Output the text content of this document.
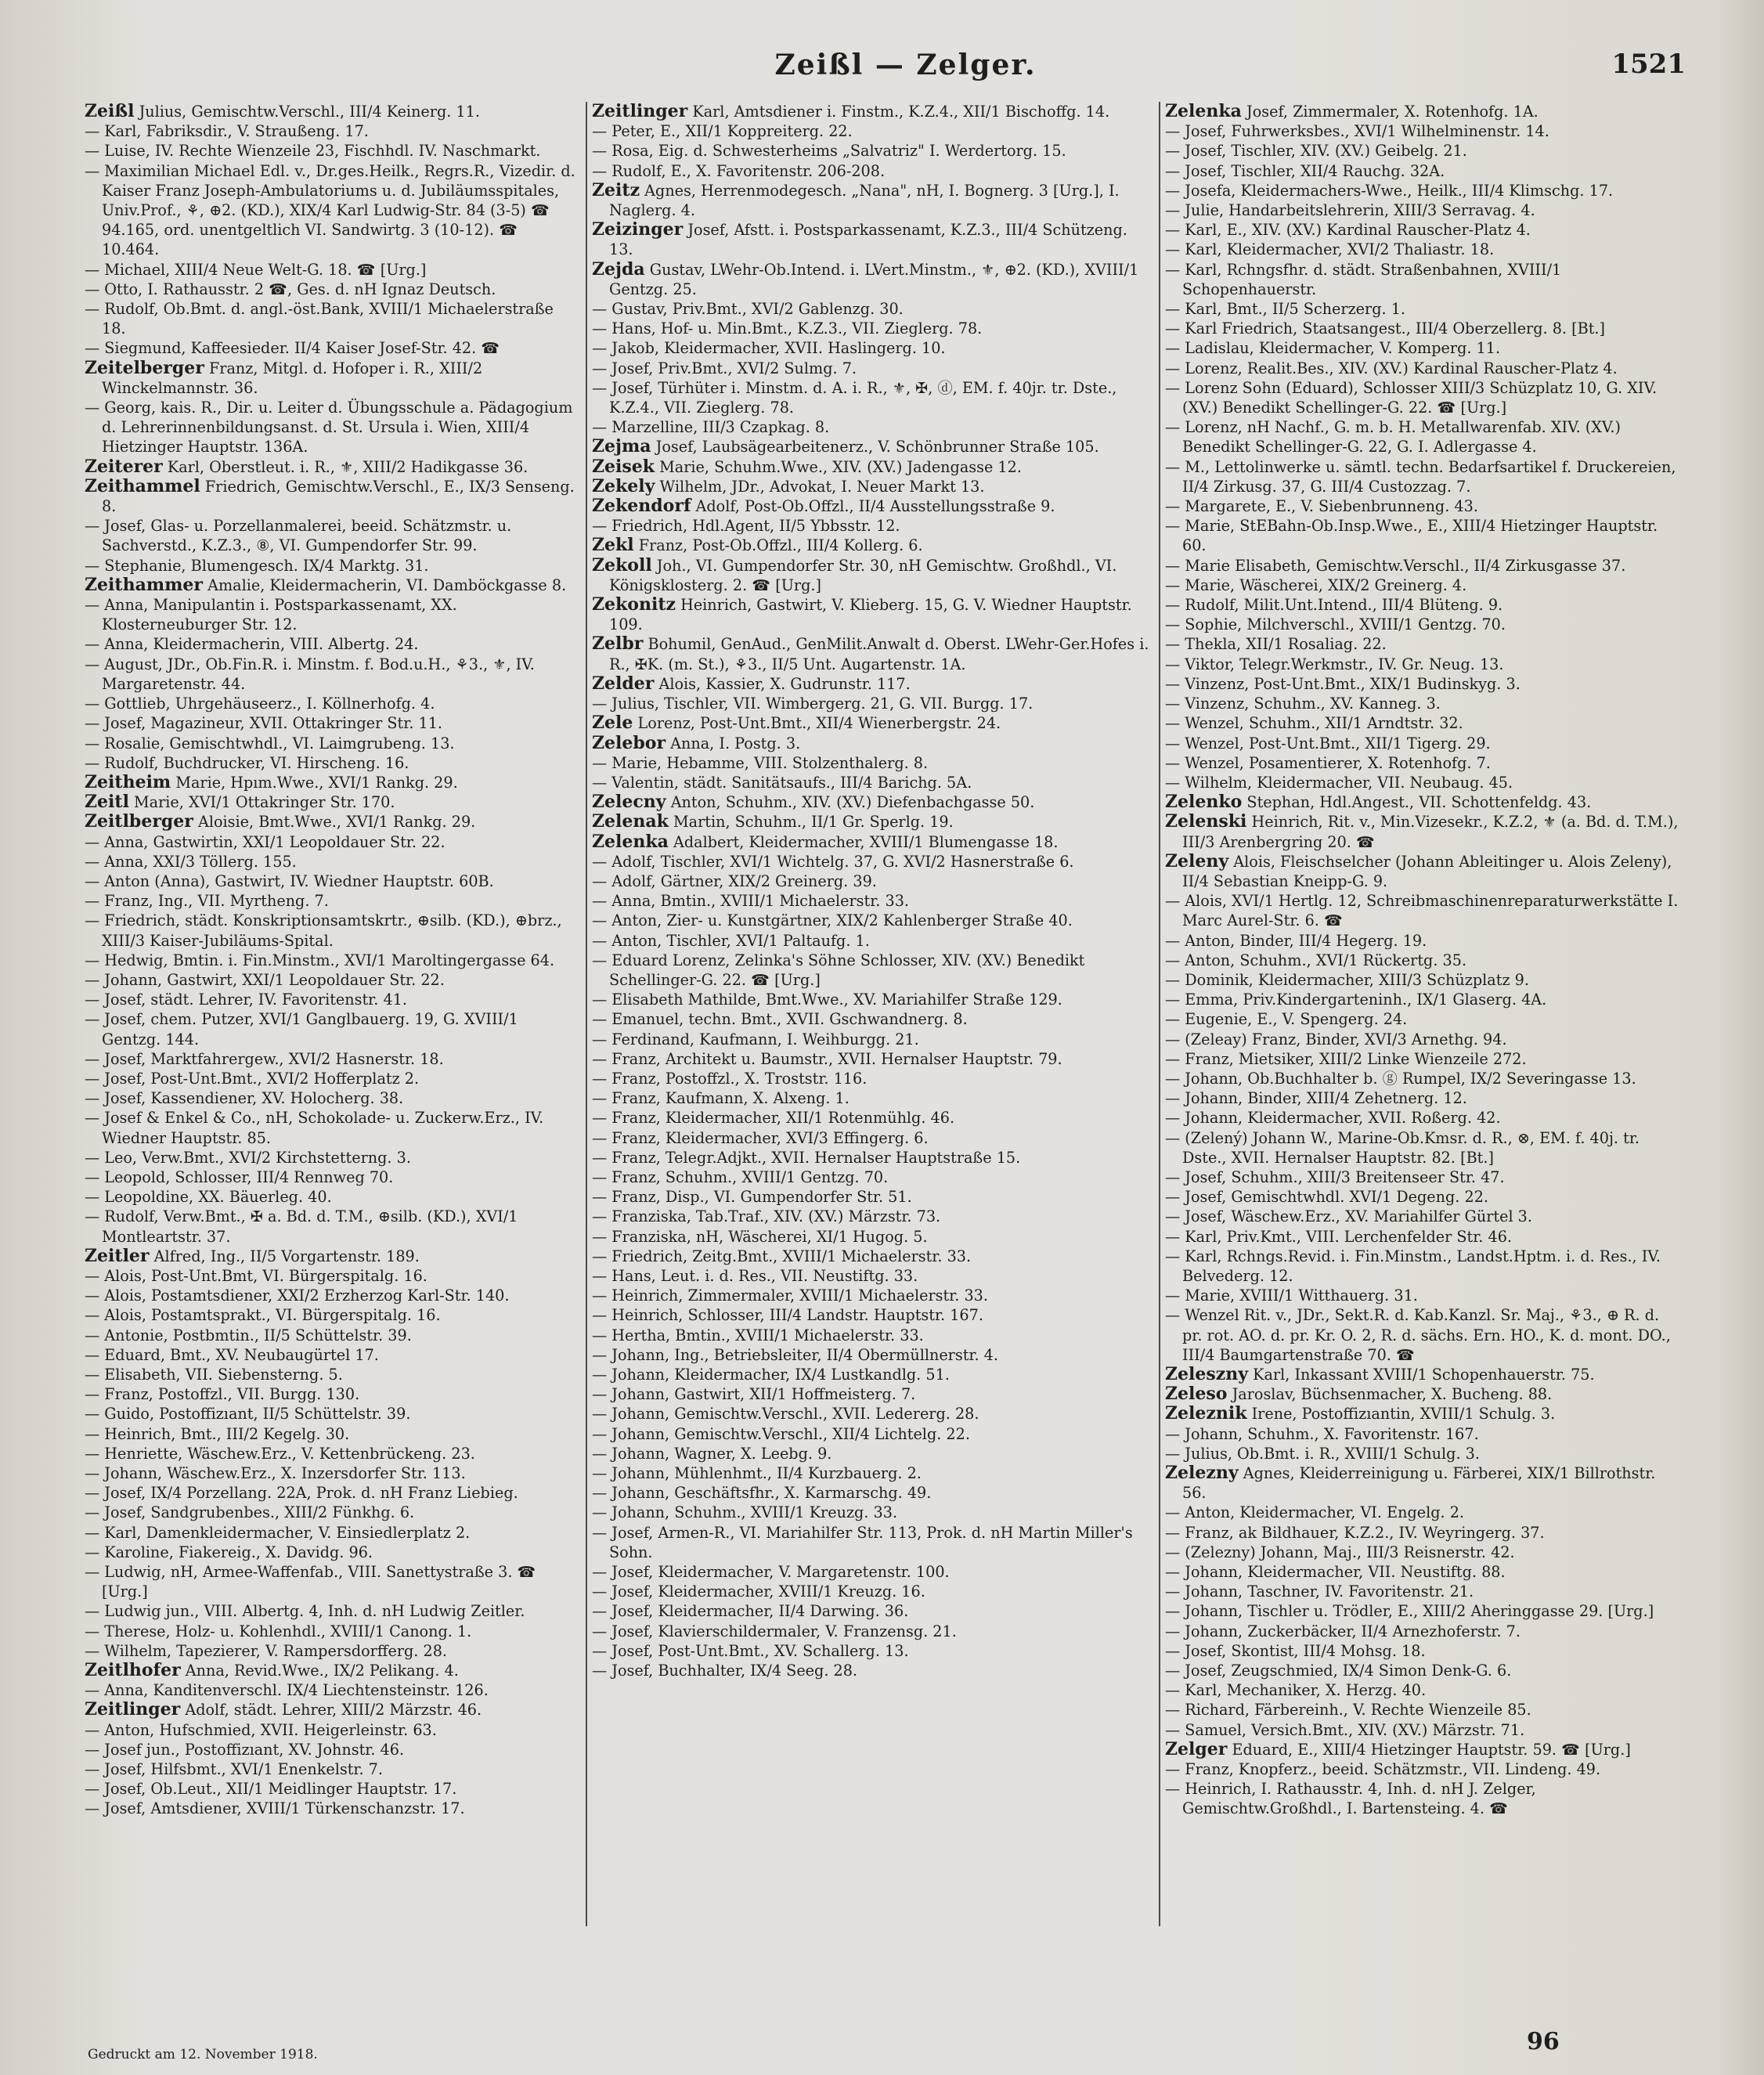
Zeißl — Zelger.	1521

Zeißl Julius, Gemischtw.Verschl., III/4 Keinerg. 11.

— Karl, Fabriksdir., V. Straußeng. 17.

— Luise, IV. Rechte Wienzeile 23, Fischhdl. IV. Naschmarkt.

— Maximilian Michael Edl. v., Dr.ges.Heilk., Regrs.R., Vizedir. d. Kaiser Franz Joseph-Ambulatoriums u. d. Jubiläumsspitales, Univ.Prof., ⚘, ⊕2. (KD.), XIX/4 Karl Ludwig-Str. 84 (3-5) ☎ 94.165, ord. unentgeltlich VI. Sandwirtg. 3 (10-12). ☎ 10.464.

— Michael, XIII/4 Neue Welt-G. 18. ☎ [Urg.]

— Otto, I. Rathausstr. 2 ☎, Ges. d. nH Ignaz Deutsch.

— Rudolf, Ob.Bmt. d. angl.-öst.Bank, XVIII/1 Michaelerstraße 18.

— Siegmund, Kaffeesieder. II/4 Kaiser Josef-Str. 42. ☎

Zeitelberger Franz, Mitgl. d. Hofoper i. R., XIII/2 Winckelmannstr. 36.

— Georg, kais. R., Dir. u. Leiter d. Übungsschule a. Pädagogium d. Lehrerinnenbildungsanst. d. St. Ursula i. Wien, XIII/4 Hietzinger Hauptstr. 136A.

Zeiterer Karl, Oberstleut. i. R., ⚜, XIII/2 Hadikgasse 36.

Zeithammel Friedrich, Gemischtw.Verschl., E., IX/3 Senseng. 8.

— Josef, Glas- u. Porzellanmalerei, beeid. Schätzmstr. u. Sachverstd., K.Z.3., ⑧, VI. Gumpendorfer Str. 99.

— Stephanie, Blumengesch. IX/4 Marktg. 31.

Zeithammer Amalie, Kleidermacherin, VI. Damböckgasse 8.

— Anna, Manipulantin i. Postsparkassenamt, XX. Klosterneuburger Str. 12.

— Anna, Kleidermacherin, VIII. Albertg. 24.

— August, JDr., Ob.Fin.R. i. Minstm. f. Bod.u.H., ⚘3., ⚜, IV. Margaretenstr. 44.

— Gottlieb, Uhrgehäuseerz., I. Köllnerhofg. 4.

— Josef, Magazineur, XVII. Ottakringer Str. 11.

— Rosalie, Gemischtwhdl., VI. Laimgrubeng. 13.

— Rudolf, Buchdrucker, VI. Hirscheng. 16.

Zeitheim Marie, Hpım.Wwe., XVI/1 Rankg. 29.

Zeitl Marie, XVI/1 Ottakringer Str. 170.

Zeitlberger Aloisie, Bmt.Wwe., XVI/1 Rankg. 29.

— Anna, Gastwirtin, XXI/1 Leopoldauer Str. 22.

— Anna, XXI/3 Töllerg. 155.

— Anton (Anna), Gastwirt, IV. Wiedner Hauptstr. 60B.

— Franz, Ing., VII. Myrtheng. 7.

— Friedrich, städt. Konskriptionsamtskrtr., ⊕silb. (KD.), ⊕brz., XIII/3 Kaiser-Jubiläums-Spital.

— Hedwig, Bmtin. i. Fin.Minstm., XVI/1 Maroltingergasse 64.

— Johann, Gastwirt, XXI/1 Leopoldauer Str. 22.

— Josef, städt. Lehrer, IV. Favoritenstr. 41.

— Josef, chem. Putzer, XVI/1 Ganglbauerg. 19, G. XVIII/1 Gentzg. 144.

— Josef, Marktfahrergew., XVI/2 Hasnerstr. 18.

— Josef, Post-Unt.Bmt., XVI/2 Hofferplatz 2.

— Josef, Kassendiener, XV. Holocherg. 38.

— Josef & Enkel & Co., nH, Schokolade- u. Zuckerw.Erz., IV. Wiedner Hauptstr. 85.

— Leo, Verw.Bmt., XVI/2 Kirchstetterng. 3.

— Leopold, Schlosser, III/4 Rennweg 70.

— Leopoldine, XX. Bäuerleg. 40.

— Rudolf, Verw.Bmt., ✠ a. Bd. d. T.M., ⊕silb. (KD.), XVI/1 Montleartstr. 37.

Zeitler Alfred, Ing., II/5 Vorgartenstr. 189.

— Alois, Post-Unt.Bmt, VI. Bürgerspitalg. 16.

— Alois, Postamtsdiener, XXI/2 Erzherzog Karl-Str. 140.

— Alois, Postamtsprakt., VI. Bürgerspitalg. 16.

— Antonie, Postbmtin., II/5 Schüttelstr. 39.

— Eduard, Bmt., XV. Neubaugürtel 17.

— Elisabeth, VII. Siebensterng. 5.

— Franz, Postoffzl., VII. Burgg. 130.

— Guido, Postoffizıant, II/5 Schüttelstr. 39.

— Heinrich, Bmt., III/2 Kegelg. 30.

— Henriette, Wäschew.Erz., V. Kettenbrückeng. 23.

— Johann, Wäschew.Erz., X. Inzersdorfer Str. 113.

— Josef, IX/4 Porzellang. 22A, Prok. d. nH Franz Liebieg.

— Josef, Sandgrubenbes., XIII/2 Fünkhg. 6.

— Karl, Damenkleidermacher, V. Einsiedlerplatz 2.

— Karoline, Fiakereig., X. Davidg. 96.

— Ludwig, nH, Armee-Waffenfab., VIII. Sanettystraße 3. ☎ [Urg.]

— Ludwig jun., VIII. Albertg. 4, Inh. d. nH Ludwig Zeitler.

— Therese, Holz- u. Kohlenhdl., XVIII/1 Canong. 1.

— Wilhelm, Tapezierer, V. Rampersdorfferg. 28.

Zeitlhofer Anna, Revid.Wwe., IX/2 Pelikang. 4.

— Anna, Kanditenverschl. IX/4 Liechtensteinstr. 126.

Zeitlinger Adolf, städt. Lehrer, XIII/2 Märzstr. 46.

— Anton, Hufschmied, XVII. Heigerleinstr. 63.

— Josef jun., Postoffizıant, XV. Johnstr. 46.

— Josef, Hilfsbmt., XVI/1 Enenkelstr. 7.

— Josef, Ob.Leut., XII/1 Meidlinger Hauptstr. 17.

— Josef, Amtsdiener, XVIII/1 Türkenschanzstr. 17.

Zeitlinger Karl, Amtsdiener i. Finstm., K.Z.4., XII/1 Bischoffg. 14.

— Peter, E., XII/1 Koppreiterg. 22.

— Rosa, Eig. d. Schwesterheims „Salvatriz" I. Werdertorg. 15.

— Rudolf, E., X. Favoritenstr. 206-208.

Zeitz Agnes, Herrenmodegesch. „Nana", nH, I. Bognerg. 3 [Urg.], I. Naglerg. 4.

Zeizinger Josef, Afstt. i. Postsparkassenamt, K.Z.3., III/4 Schützeng. 13.

Zejda Gustav, LWehr-Ob.Intend. i. LVert.Minstm., ⚜, ⊕2. (KD.), XVIII/1 Gentzg. 25.

— Gustav, Priv.Bmt., XVI/2 Gablenzg. 30.

— Hans, Hof- u. Min.Bmt., K.Z.3., VII. Zieglerg. 78.

— Jakob, Kleidermacher, XVII. Haslingerg. 10.

— Josef, Priv.Bmt., XVI/2 Sulmg. 7.

— Josef, Türhüter i. Minstm. d. A. i. R., ⚜, ✠, ⓓ, EM. f. 40jr. tr. Dste., K.Z.4., VII. Zieglerg. 78.

— Marzelline, III/3 Czapkag. 8.

Zejma Josef, Laubsägearbeitenerz., V. Schönbrunner Straße 105.

Zeisek Marie, Schuhm.Wwe., XIV. (XV.) Jadengasse 12.

Zekely Wilhelm, JDr., Advokat, I. Neuer Markt 13.

Zekendorf Adolf, Post-Ob.Offzl., II/4 Ausstellungsstraße 9.

— Friedrich, Hdl.Agent, II/5 Ybbsstr. 12.

Zekl Franz, Post-Ob.Offzl., III/4 Kollerg. 6.

Zekoll Joh., VI. Gumpendorfer Str. 30, nH Gemischtw. Großhdl., VI. Königsklosterg. 2. ☎ [Urg.]

Zekonitz Heinrich, Gastwirt, V. Klieberg. 15, G. V. Wiedner Hauptstr. 109.

Zelbr Bohumil, GenAud., GenMilit.Anwalt d. Oberst. LWehr-Ger.Hofes i. R., ✠K. (m. St.), ⚘3., II/5 Unt. Augartenstr. 1A.

Zelder Alois, Kassier, X. Gudrunstr. 117.

— Julius, Tischler, VII. Wimbergerg. 21, G. VII. Burgg. 17.

Zele Lorenz, Post-Unt.Bmt., XII/4 Wienerbergstr. 24.

Zelebor Anna, I. Postg. 3.

— Marie, Hebamme, VIII. Stolzenthalerg. 8.

— Valentin, städt. Sanitätsaufs., III/4 Barichg. 5A.

Zelecny Anton, Schuhm., XIV. (XV.) Diefenbachgasse 50.

Zelenak Martin, Schuhm., II/1 Gr. Sperlg. 19.

Zelenka Adalbert, Kleidermacher, XVIII/1 Blumengasse 18.

— Adolf, Tischler, XVI/1 Wichtelg. 37, G. XVI/2 Hasnerstraße 6.

— Adolf, Gärtner, XIX/2 Greinerg. 39.

— Anna, Bmtin., XVIII/1 Michaelerstr. 33.

— Anton, Zier- u. Kunstgärtner, XIX/2 Kahlenberger Straße 40.

— Anton, Tischler, XVI/1 Paltaufg. 1.

— Eduard Lorenz, Zelinka's Söhne Schlosser, XIV. (XV.) Benedikt Schellinger-G. 22. ☎ [Urg.]

— Elisabeth Mathilde, Bmt.Wwe., XV. Mariahilfer Straße 129.

— Emanuel, techn. Bmt., XVII. Gschwandnerg. 8.

— Ferdinand, Kaufmann, I. Weihburgg. 21.

— Franz, Architekt u. Baumstr., XVII. Hernalser Hauptstr. 79.

— Franz, Postoffzl., X. Troststr. 116.

— Franz, Kaufmann, X. Alxeng. 1.

— Franz, Kleidermacher, XII/1 Rotenmühlg. 46.

— Franz, Kleidermacher, XVI/3 Effingerg. 6.

— Franz, Telegr.Adjkt., XVII. Hernalser Hauptstraße 15.

— Franz, Schuhm., XVIII/1 Gentzg. 70.

— Franz, Disp., VI. Gumpendorfer Str. 51.

— Franziska, Tab.Traf., XIV. (XV.) Märzstr. 73.

— Franziska, nH, Wäscherei, XI/1 Hugog. 5.

— Friedrich, Zeitg.Bmt., XVIII/1 Michaelerstr. 33.

— Hans, Leut. i. d. Res., VII. Neustiftg. 33.

— Heinrich, Zimmermaler, XVIII/1 Michaelerstr. 33.

— Heinrich, Schlosser, III/4 Landstr. Hauptstr. 167.

— Hertha, Bmtin., XVIII/1 Michaelerstr. 33.

— Johann, Ing., Betriebsleiter, II/4 Obermüllnerstr. 4.

— Johann, Kleidermacher, IX/4 Lustkandlg. 51.

— Johann, Gastwirt, XII/1 Hoffmeisterg. 7.

— Johann, Gemischtw.Verschl., XVII. Ledererg. 28.

— Johann, Gemischtw.Verschl., XII/4 Lichtelg. 22.

— Johann, Wagner, X. Leebg. 9.

— Johann, Mühlenhmt., II/4 Kurzbauerg. 2.

— Johann, Geschäftsfhr., X. Karmarschg. 49.

— Johann, Schuhm., XVIII/1 Kreuzg. 33.

— Josef, Armen-R., VI. Mariahilfer Str. 113, Prok. d. nH Martin Miller's Sohn.

— Josef, Kleidermacher, V. Margaretenstr. 100.

— Josef, Kleidermacher, XVIII/1 Kreuzg. 16.

— Josef, Kleidermacher, II/4 Darwing. 36.

— Josef, Klavierschildermaler, V. Franzensg. 21.

— Josef, Post-Unt.Bmt., XV. Schallerg. 13.

— Josef, Buchhalter, IX/4 Seeg. 28.

Zelenka Josef, Zimmermaler, X. Rotenhofg. 1A.

— Josef, Fuhrwerksbes., XVI/1 Wilhelminenstr. 14.

— Josef, Tischler, XIV. (XV.) Geibelg. 21.

— Josef, Tischler, XII/4 Rauchg. 32A.

— Josefa, Kleidermachers-Wwe., Heilk., III/4 Klimschg. 17.

— Julie, Handarbeitslehrerin, XIII/3 Serravag. 4.

— Karl, E., XIV. (XV.) Kardinal Rauscher-Platz 4.

— Karl, Kleidermacher, XVI/2 Thaliastr. 18.

— Karl, Rchngsfhr. d. städt. Straßenbahnen, XVIII/1 Schopenhauerstr.

— Karl, Bmt., II/5 Scherzerg. 1.

— Karl Friedrich, Staatsangest., III/4 Oberzellerg. 8. [Bt.]

— Ladislau, Kleidermacher, V. Komperg. 11.

— Lorenz, Realit.Bes., XIV. (XV.) Kardinal Rauscher-Platz 4.

— Lorenz Sohn (Eduard), Schlosser XIII/3 Schüzplatz 10, G. XIV. (XV.) Benedikt Schellinger-G. 22. ☎ [Urg.]

— Lorenz, nH Nachf., G. m. b. H. Metallwarenfab. XIV. (XV.) Benedikt Schellinger-G. 22, G. I. Adlergasse 4.

— M., Lettolinwerke u. sämtl. techn. Bedarfsartikel f. Druckereien, II/4 Zirkusg. 37, G. III/4 Custozzag. 7.

— Margarete, E., V. Siebenbrunneng. 43.

— Marie, StEBahn-Ob.Insp.Wwe., E., XIII/4 Hietzinger Hauptstr. 60.

— Marie Elisabeth, Gemischtw.Verschl., II/4 Zirkusgasse 37.

— Marie, Wäscherei, XIX/2 Greinerg. 4.

— Rudolf, Milit.Unt.Intend., III/4 Blüteng. 9.

— Sophie, Milchverschl., XVIII/1 Gentzg. 70.

— Thekla, XII/1 Rosaliag. 22.

— Viktor, Telegr.Werkmstr., IV. Gr. Neug. 13.

— Vinzenz, Post-Unt.Bmt., XIX/1 Budinskyg. 3.

— Vinzenz, Schuhm., XV. Kanneg. 3.

— Wenzel, Schuhm., XII/1 Arndtstr. 32.

— Wenzel, Post-Unt.Bmt., XII/1 Tigerg. 29.

— Wenzel, Posamentierer, X. Rotenhofg. 7.

— Wilhelm, Kleidermacher, VII. Neubaug. 45.

Zelenko Stephan, Hdl.Angest., VII. Schottenfeldg. 43.

Zelenski Heinrich, Rit. v., Min.Vizesekr., K.Z.2, ⚜ (a. Bd. d. T.M.), III/3 Arenbergring 20. ☎

Zeleny Alois, Fleischselcher (Johann Ableitinger u. Alois Zeleny), II/4 Sebastian Kneipp-G. 9.

— Alois, XVI/1 Hertlg. 12, Schreibmaschinenreparaturwerkstätte I. Marc Aurel-Str. 6. ☎

— Anton, Binder, III/4 Hegerg. 19.

— Anton, Schuhm., XVI/1 Rückertg. 35.

— Dominik, Kleidermacher, XIII/3 Schüzplatz 9.

— Emma, Priv.Kindergarteninh., IX/1 Glaserg. 4A.

— Eugenie, E., V. Spengerg. 24.

— (Zeleay) Franz, Binder, XVI/3 Arnethg. 94.

— Franz, Mietsiker, XIII/2 Linke Wienzeile 272.

— Johann, Ob.Buchhalter b. ⓖ Rumpel, IX/2 Severingasse 13.

— Johann, Binder, XIII/4 Zehetnerg. 12.

— Johann, Kleidermacher, XVII. Roßerg. 42.

— (Zelený) Johann W., Marine-Ob.Kmsr. d. R., ⊗, EM. f. 40j. tr. Dste., XVII. Hernalser Hauptstr. 82. [Bt.]

— Josef, Schuhm., XIII/3 Breitenseer Str. 47.

— Josef, Gemischtwhdl. XVI/1 Degeng. 22.

— Josef, Wäschew.Erz., XV. Mariahilfer Gürtel 3.

— Karl, Priv.Kmt., VIII. Lerchenfelder Str. 46.

— Karl, Rchngs.Revid. i. Fin.Minstm., Landst.Hptm. i. d. Res., IV. Belvederg. 12.

— Marie, XVIII/1 Witthauerg. 31.

— Wenzel Rit. v., JDr., Sekt.R. d. Kab.Kanzl. Sr. Maj., ⚘3., ⊕ R. d. pr. rot. AO. d. pr. Kr. O. 2, R. d. sächs. Ern. HO., K. d. mont. DO., III/4 Baumgartenstraße 70. ☎

Zeleszny Karl, Inkassant XVIII/1 Schopenhauerstr. 75.

Zeleso Jaroslav, Büchsenmacher, X. Bucheng. 88.

Zeleznik Irene, Postoffizıantin, XVIII/1 Schulg. 3.

— Johann, Schuhm., X. Favoritenstr. 167.

— Julius, Ob.Bmt. i. R., XVIII/1 Schulg. 3.

Zelezny Agnes, Kleiderreinigung u. Färberei, XIX/1 Billrothstr. 56.

— Anton, Kleidermacher, VI. Engelg. 2.

— Franz, ak Bildhauer, K.Z.2., IV. Weyringerg. 37.

— (Zelezny) Johann, Maj., III/3 Reisnerstr. 42.

— Johann, Kleidermacher, VII. Neustiftg. 88.

— Johann, Taschner, IV. Favoritenstr. 21.

— Johann, Tischler u. Trödler, E., XIII/2 Aheringgasse 29. [Urg.]

— Johann, Zuckerbäcker, II/4 Arnezhoferstr. 7.

— Josef, Skontist, III/4 Mohsg. 18.

— Josef, Zeugschmied, IX/4 Simon Denk-G. 6.

— Karl, Mechaniker, X. Herzg. 40.

— Richard, Färbereinh., V. Rechte Wienzeile 85.

— Samuel, Versich.Bmt., XIV. (XV.) Märzstr. 71.

Zelger Eduard, E., XIII/4 Hietzinger Hauptstr. 59. ☎ [Urg.]

— Franz, Knopferz., beeid. Schätzmstr., VII. Lindeng. 49.

— Heinrich, I. Rathausstr. 4, Inh. d. nH J. Zelger, Gemischtw.Großhdl., I. Bartensteing. 4. ☎

Gedruckt am 12. November 1918.	96
